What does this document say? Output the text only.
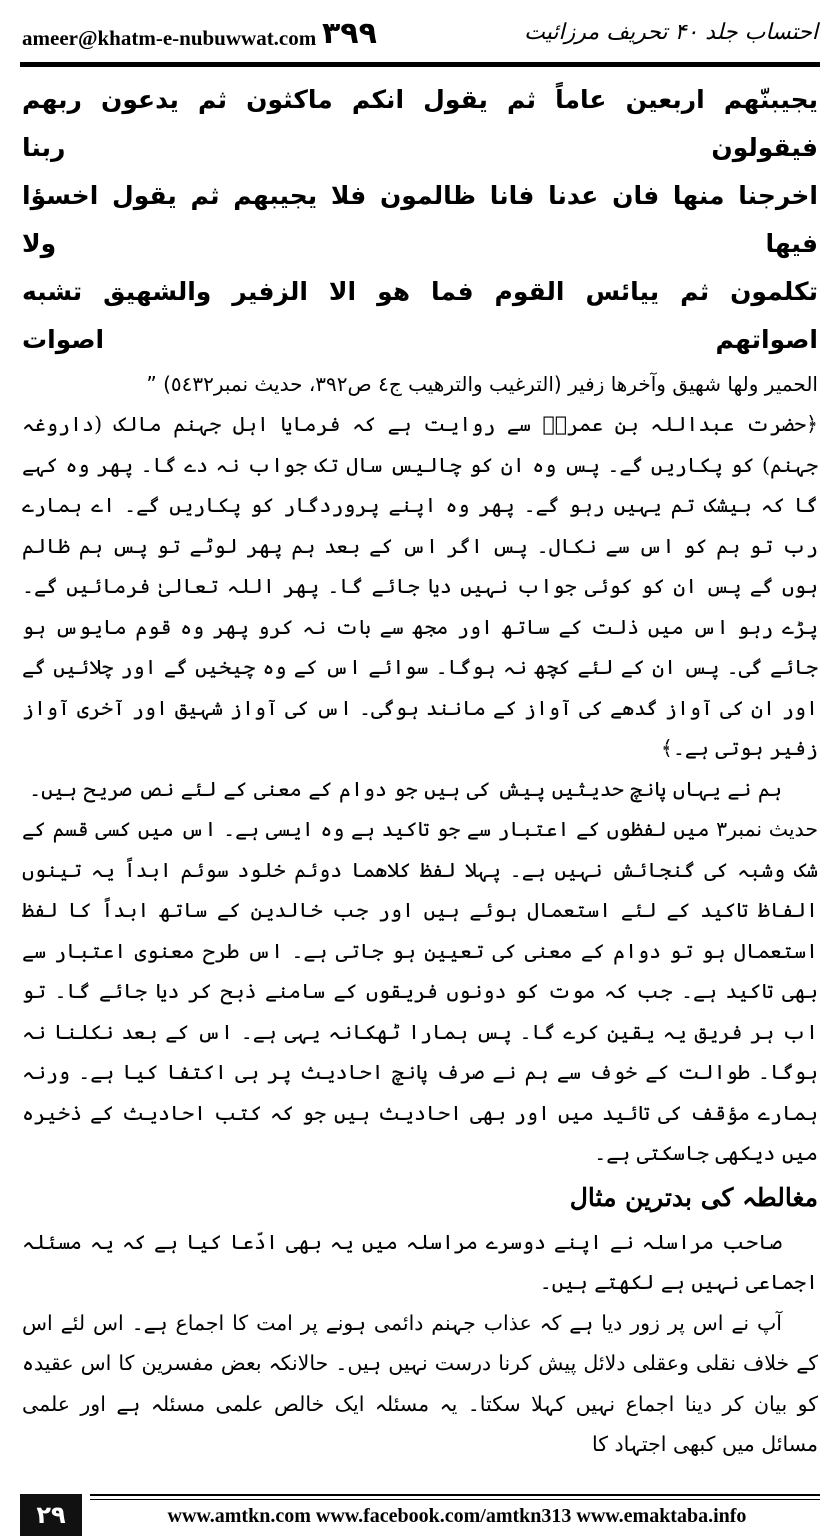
ameer@khatm-e-nubuwwat.com ۳۹۹	احتساب جلد ۴۰ تحریف مرزائیت

یجیبنّھم اربعین عاماً ثم یقول انکم ماکثون ثم یدعون ربھم فیقولون ربنا

اخرجنا منھا فان عدنا فانا ظالمون فلا یجیبھم ثم یقول اخسؤا فیھا ولا

تکلمون ثم ییائس القوم فما ھو الا الزفیر والشھیق تشبه اصواتھم اصوات

الحمیر ولھا شھیق وآخرھا زفیر (الترغیب والترھیب ج٤ ص٣٩٢، حدیث نمبر٥٤٣٢) ”

﴿حضرت عبداللہ بن عمروؓ سے روایت ہے کہ فرمایا اہل جہنم مالک (داروغہ جہنم) کو پکاریں گے۔ پس وہ ان کو چالیس سال تک جواب نہ دے گا۔ پھر وہ کہے گا کہ بیشک تم یہیں رہو گے۔ پھر وہ اپنے پروردگار کو پکاریں گے۔ اے ہمارے رب تو ہم کو اس سے نکال۔ پس اگر اس کے بعد ہم پھر لوٹے تو پس ہم ظالم ہوں گے پس ان کو کوئی جواب نہیں دیا جائے گا۔ پھر اللہ تعالیٰ فرمائیں گے۔ پڑے رہو اس میں ذلت کے ساتھ اور مجھ سے بات نہ کرو پھر وہ قوم مایوس ہو جائے گی۔ پس ان کے لئے کچھ نہ ہوگا۔ سوائے اس کے وہ چیخیں گے اور چلائیں گے اور ان کی آواز گدھے کی آواز کے مانند ہوگی۔ اس کی آواز شہیق اور آخری آواز زفیر ہوتی ہے۔﴾

ہم نے یہاں پانچ حدیثیں پیش کی ہیں جو دوام کے معنی کے لئے نص صریح ہیں۔

حدیث نمبر۳ میں لفظوں کے اعتبار سے جو تاکید ہے وہ ایسی ہے۔ اس میں کسی قسم کے شک وشبہ کی گنجائش نہیں ہے۔ پہلا لفظ کلاھما دوئم خلود سوئم ابداً یہ تینوں الفاظ تاکید کے لئے استعمال ہوئے ہیں اور جب خالدین کے ساتھ ابداً کا لفظ استعمال ہو تو دوام کے معنی کی تعیین ہو جاتی ہے۔ اس طرح معنوی اعتبار سے بھی تاکید ہے۔ جب کہ موت کو دونوں فریقوں کے سامنے ذبح کر دیا جائے گا۔ تو اب ہر فریق یہ یقین کرے گا۔ پس ہمارا ٹھکانہ یہی ہے۔ اس کے بعد نکلنا نہ ہوگا۔ طوالت کے خوف سے ہم نے صرف پانچ احادیث پر ہی اکتفا کیا ہے۔ ورنہ ہمارے مؤقف کی تائید میں اور بھی احادیث ہیں جو کہ کتب احادیث کے ذخیرہ میں دیکھی جاسکتی ہے۔

مغالطہ کی بدترین مثال

صاحب مراسلہ نے اپنے دوسرے مراسلہ میں یہ بھی ادّعا کیا ہے کہ یہ مسئلہ اجماعی نہیں ہے لکھتے ہیں۔

آپ نے اس پر زور دیا ہے کہ عذاب جہنم دائمی ہونے پر امت کا اجماع ہے۔ اس لئے اس کے خلاف نقلی وعقلی دلائل پیش کرنا درست نہیں ہیں۔ حالانکہ بعض مفسرین کا اس عقیدہ کو بیان کر دینا اجماع نہیں کہلا سکتا۔ یہ مسئلہ ایک خالص علمی مسئلہ ہے اور علمی مسائل میں کبھی اجتہاد کا

۲۹	www.amtkn.com www.facebook.com/amtkn313 www.emaktaba.info
